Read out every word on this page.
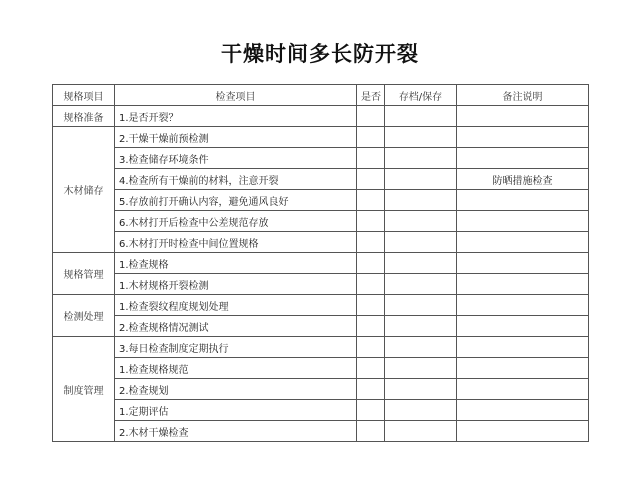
干燥时间多长防开裂
规格项目	检查项目	是否	存档/保存	备注说明
规格准备	1.是否开裂？			
木材储存	2.干燥干燥前预检测			
	3.检查储存环境条件			
	4.检查所有干燥前的材料，注意开裂			防晒措施检查
	5.存放前打开确认内容，避免通风良好			
	6.木材打开后检查中公差规范存放			
	6.木材打开时检查中间位置规格			
规格管理	1.检查规格			
	1.木材规格开裂检测			
检测处理	1.检查裂纹程度规划处理			
	2.检查规格情况测试			
制度管理	3.每日检查制度定期执行			
	1.检查规格规范			
	2.检查规划			
	1.定期评估			
	2.木材干燥检查			
